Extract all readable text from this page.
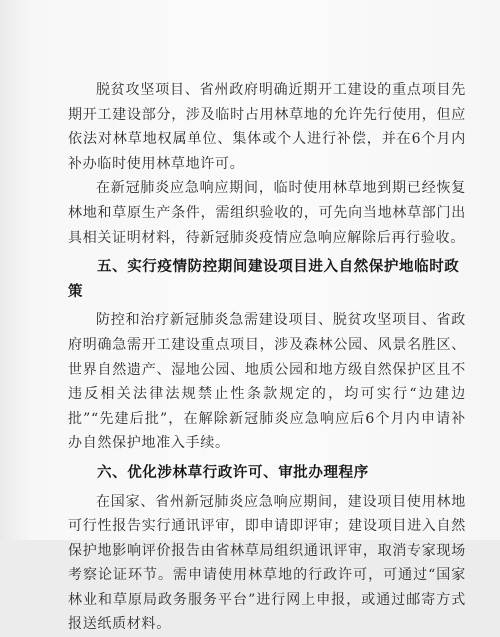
脱贫攻坚项目、省州政府明确近期开工建设的重点项目先期开工建设部分，涉及临时占用林草地的允许先行使用，但应依法对林草地权属单位、集体或个人进行补偿，并在6个月内补办临时使用林草地许可。

在新冠肺炎应急响应期间，临时使用林草地到期已经恢复林地和草原生产条件，需组织验收的，可先向当地林草部门出具相关证明材料，待新冠肺炎疫情应急响应解除后再行验收。

五、实行疫情防控期间建设项目进入自然保护地临时政策

防控和治疗新冠肺炎急需建设项目、脱贫攻坚项目、省政府明确急需开工建设重点项目，涉及森林公园、风景名胜区、世界自然遗产、湿地公园、地质公园和地方级自然保护区且不违反相关法律法规禁止性条款规定的，均可实行“边建边批”“先建后批”，在解除新冠肺炎应急响应后6个月内申请补办自然保护地准入手续。

六、优化涉林草行政许可、审批办理程序

在国家、省州新冠肺炎应急响应期间，建设项目使用林地可行性报告实行通讯评审，即申请即评审；建设项目进入自然保护地影响评价报告由省林草局组织通讯评审，取消专家现场考察论证环节。需申请使用林草地的行政许可，可通过“国家林业和草原局政务服务平台”进行网上申报，或通过邮寄方式报送纸质材料。
